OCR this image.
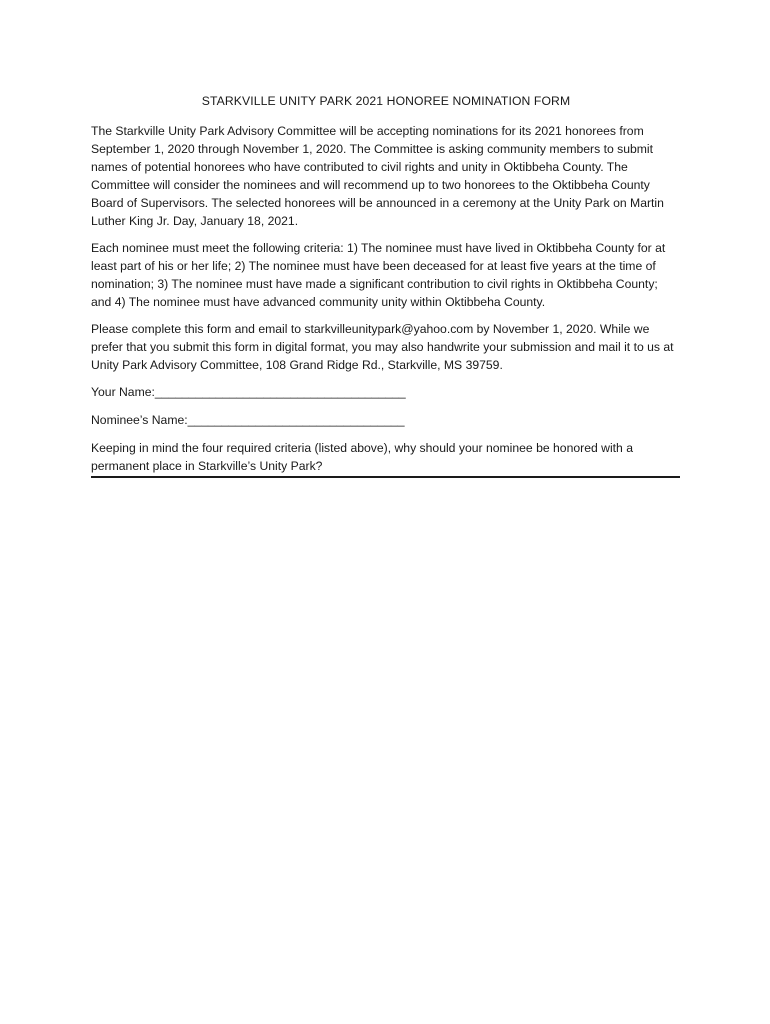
STARKVILLE UNITY PARK 2021 HONOREE NOMINATION FORM

The Starkville Unity Park Advisory Committee will be accepting nominations for its 2021 honorees from September 1, 2020 through November 1, 2020. The Committee is asking community members to submit names of potential honorees who have contributed to civil rights and unity in Oktibbeha County. The Committee will consider the nominees and will recommend up to two honorees to the Oktibbeha County Board of Supervisors. The selected honorees will be announced in a ceremony at the Unity Park on Martin Luther King Jr. Day, January 18, 2021.

Each nominee must meet the following criteria: 1) The nominee must have lived in Oktibbeha County for at least part of his or her life; 2) The nominee must have been deceased for at least five years at the time of nomination; 3) The nominee must have made a significant contribution to civil rights in Oktibbeha County; and 4) The nominee must have advanced community unity within Oktibbeha County.

Please complete this form and email to starkvilleunitypark@yahoo.com by November 1, 2020. While we prefer that you submit this form in digital format, you may also handwrite your submission and mail it to us at Unity Park Advisory Committee, 108 Grand Ridge Rd., Starkville, MS 39759.

Your Name:_____________________________________
Nominee’s Name:________________________________

Keeping in mind the four required criteria (listed above), why should your nominee be honored with a permanent place in Starkville’s Unity Park?
